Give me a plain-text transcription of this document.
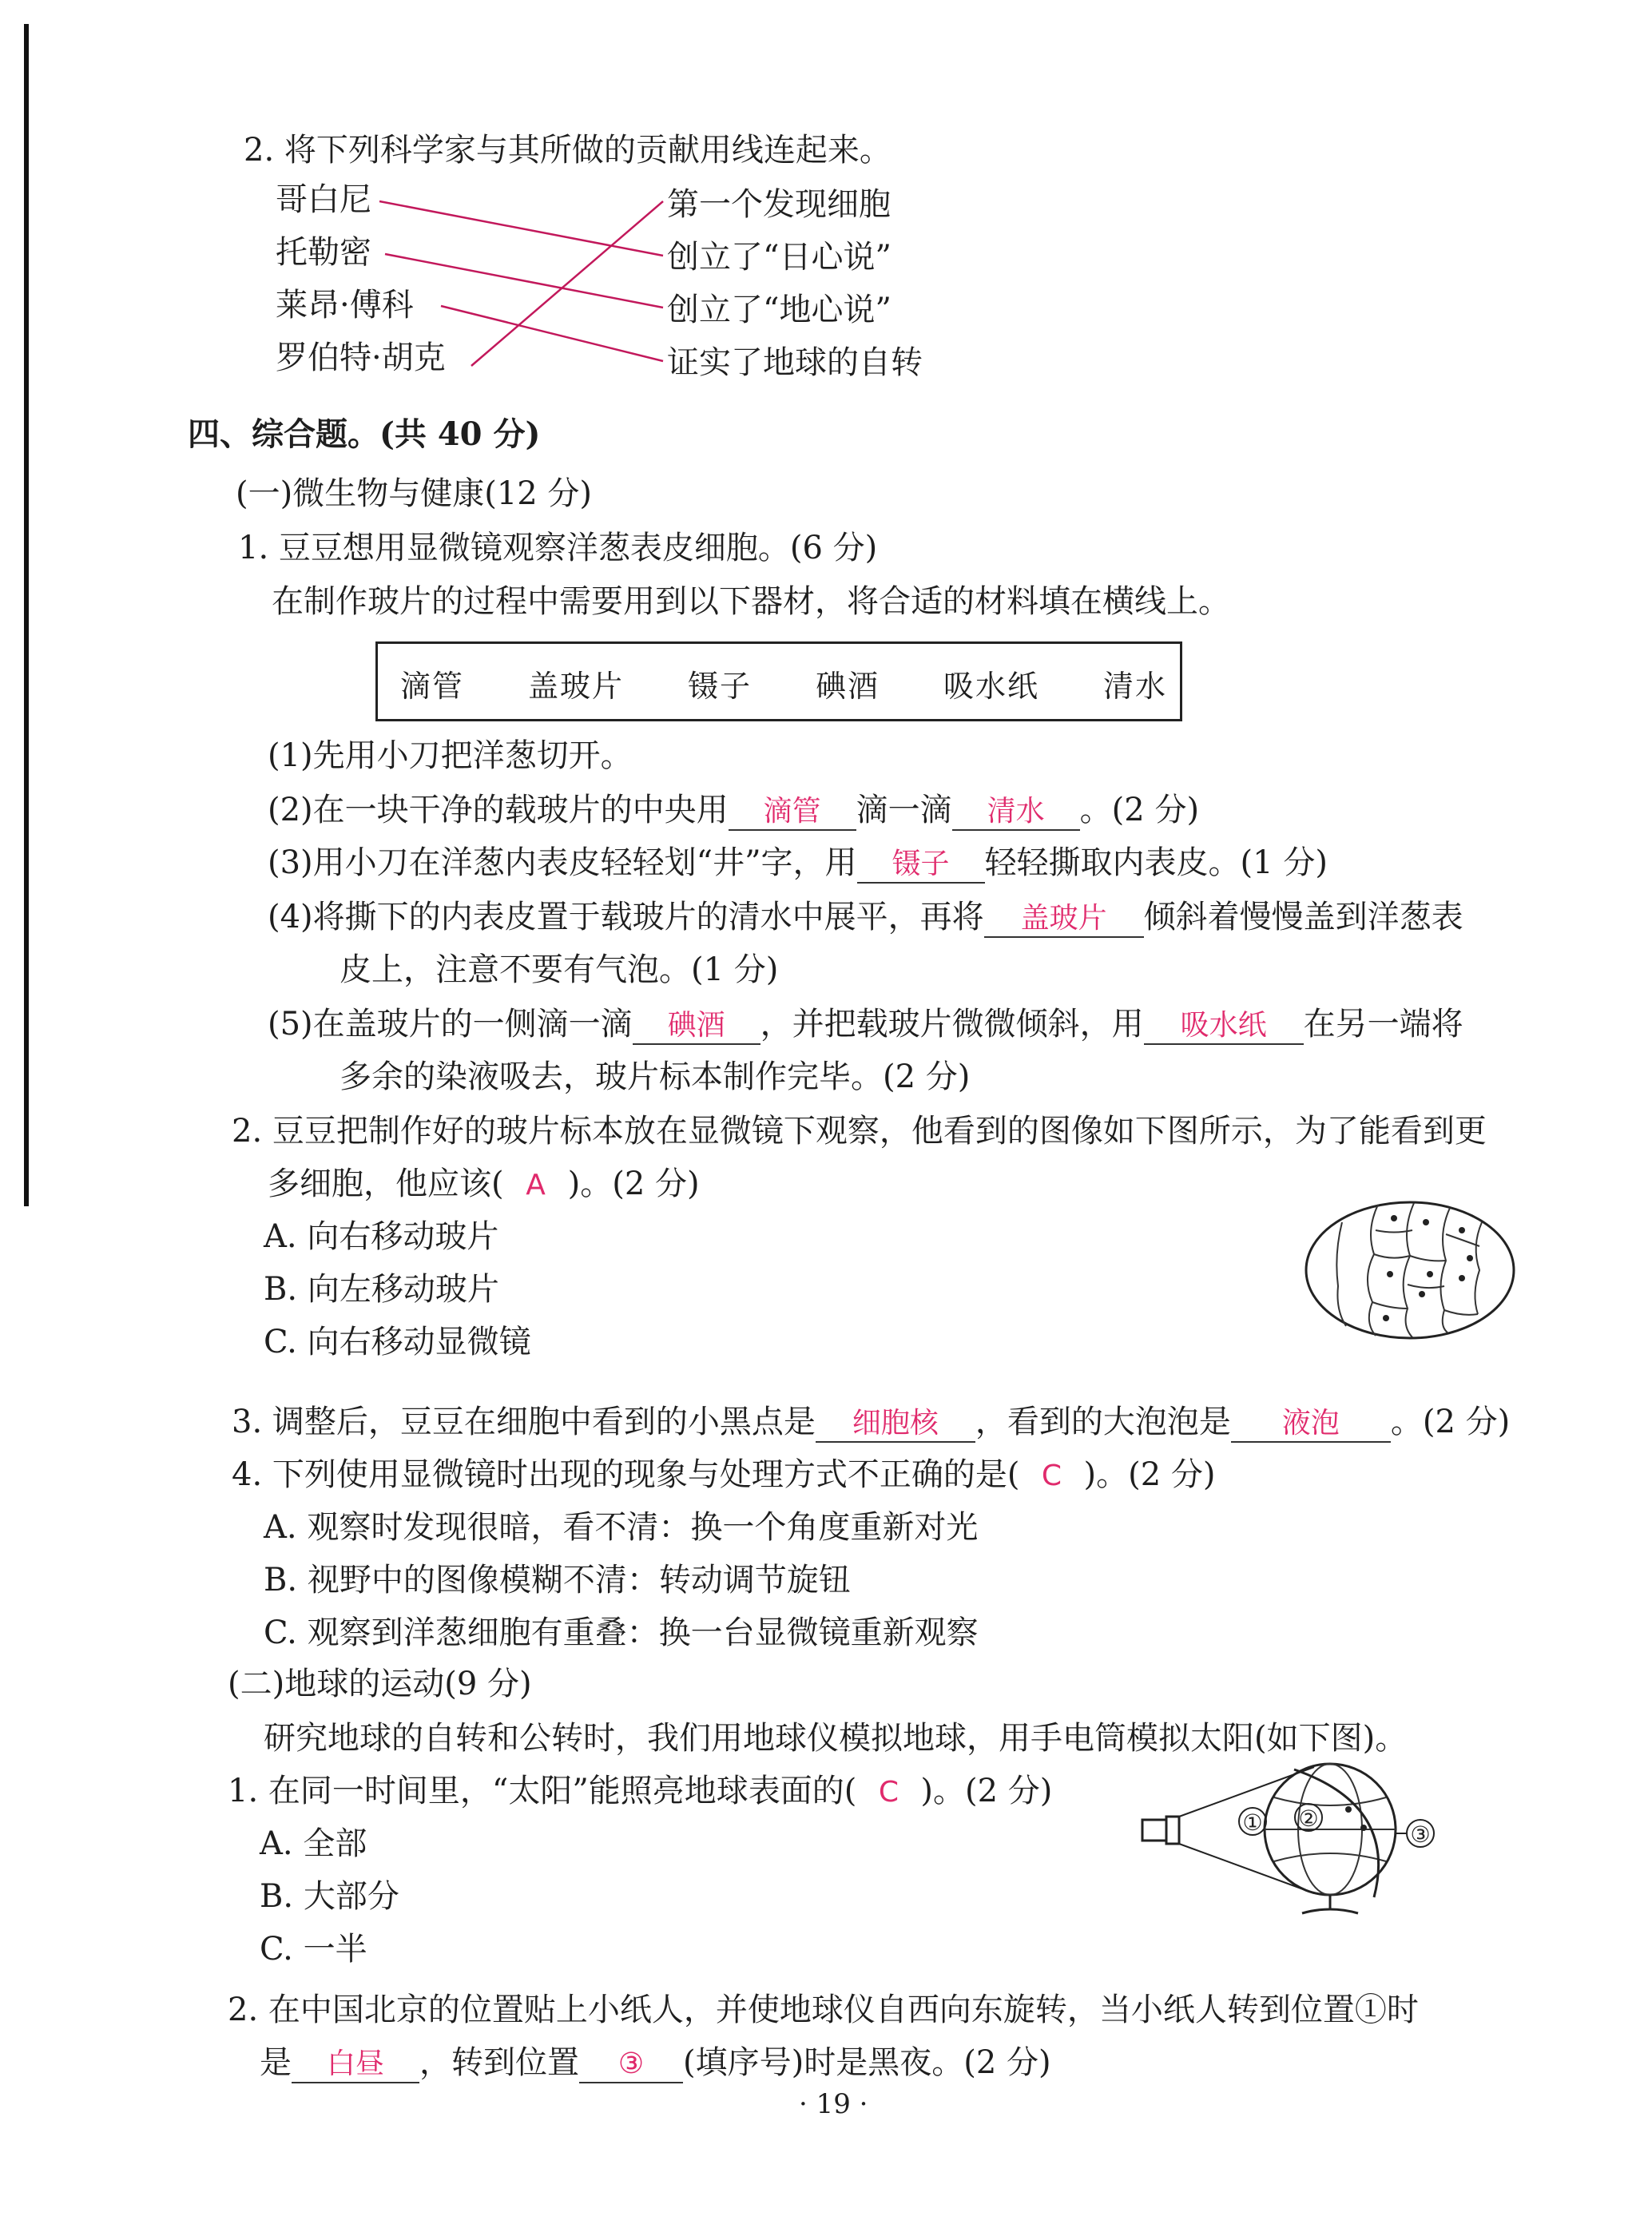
2. 将下列科学家与其所做的贡献用线连起来。
哥白尼
托勒密
莱昂·傅科
罗伯特·胡克
第一个发现细胞
创立了“日心说”
创立了“地心说”
证实了地球的自转
四、综合题。(共 40 分)
(一)微生物与健康(12 分)
1. 豆豆想用显微镜观察洋葱表皮细胞。(6 分)
在制作玻片的过程中需要用到以下器材，将合适的材料填在横线上。
滴管 盖玻片 镊子 碘酒 吸水纸 清水
(1)先用小刀把洋葱切开。
(2)在一块干净的载玻片的中央用 滴管 滴一滴 清水 。(2 分)
(3)用小刀在洋葱内表皮轻轻划“井”字，用 镊子 轻轻撕取内表皮。(1 分)
(4)将撕下的内表皮置于载玻片的清水中展平，再将 盖玻片 倾斜着慢慢盖到洋葱表
皮上，注意不要有气泡。(1 分)
(5)在盖玻片的一侧滴一滴 碘酒 ，并把载玻片微微倾斜，用 吸水纸 在另一端将
多余的染液吸去，玻片标本制作完毕。(2 分)
2. 豆豆把制作好的玻片标本放在显微镜下观察，他看到的图像如下图所示，为了能看到更
多细胞，他应该( A )。(2 分)
A. 向右移动玻片
B. 向左移动玻片
C. 向右移动显微镜
3. 调整后，豆豆在细胞中看到的小黑点是 细胞核 ，看到的大泡泡是 液泡 。(2 分)
4. 下列使用显微镜时出现的现象与处理方式不正确的是( C )。(2 分)
A. 观察时发现很暗，看不清：换一个角度重新对光
B. 视野中的图像模糊不清：转动调节旋钮
C. 观察到洋葱细胞有重叠：换一台显微镜重新观察
(二)地球的运动(9 分)
研究地球的自转和公转时，我们用地球仪模拟地球，用手电筒模拟太阳(如下图)。
1. 在同一时间里，“太阳”能照亮地球表面的( C )。(2 分)
A. 全部
B. 大部分
C. 一半
① ②
③
2. 在中国北京的位置贴上小纸人，并使地球仪自西向东旋转，当小纸人转到位置①时
是 白昼 ，转到位置 ③ (填序号)时是黑夜。(2 分)
· 19 ·
